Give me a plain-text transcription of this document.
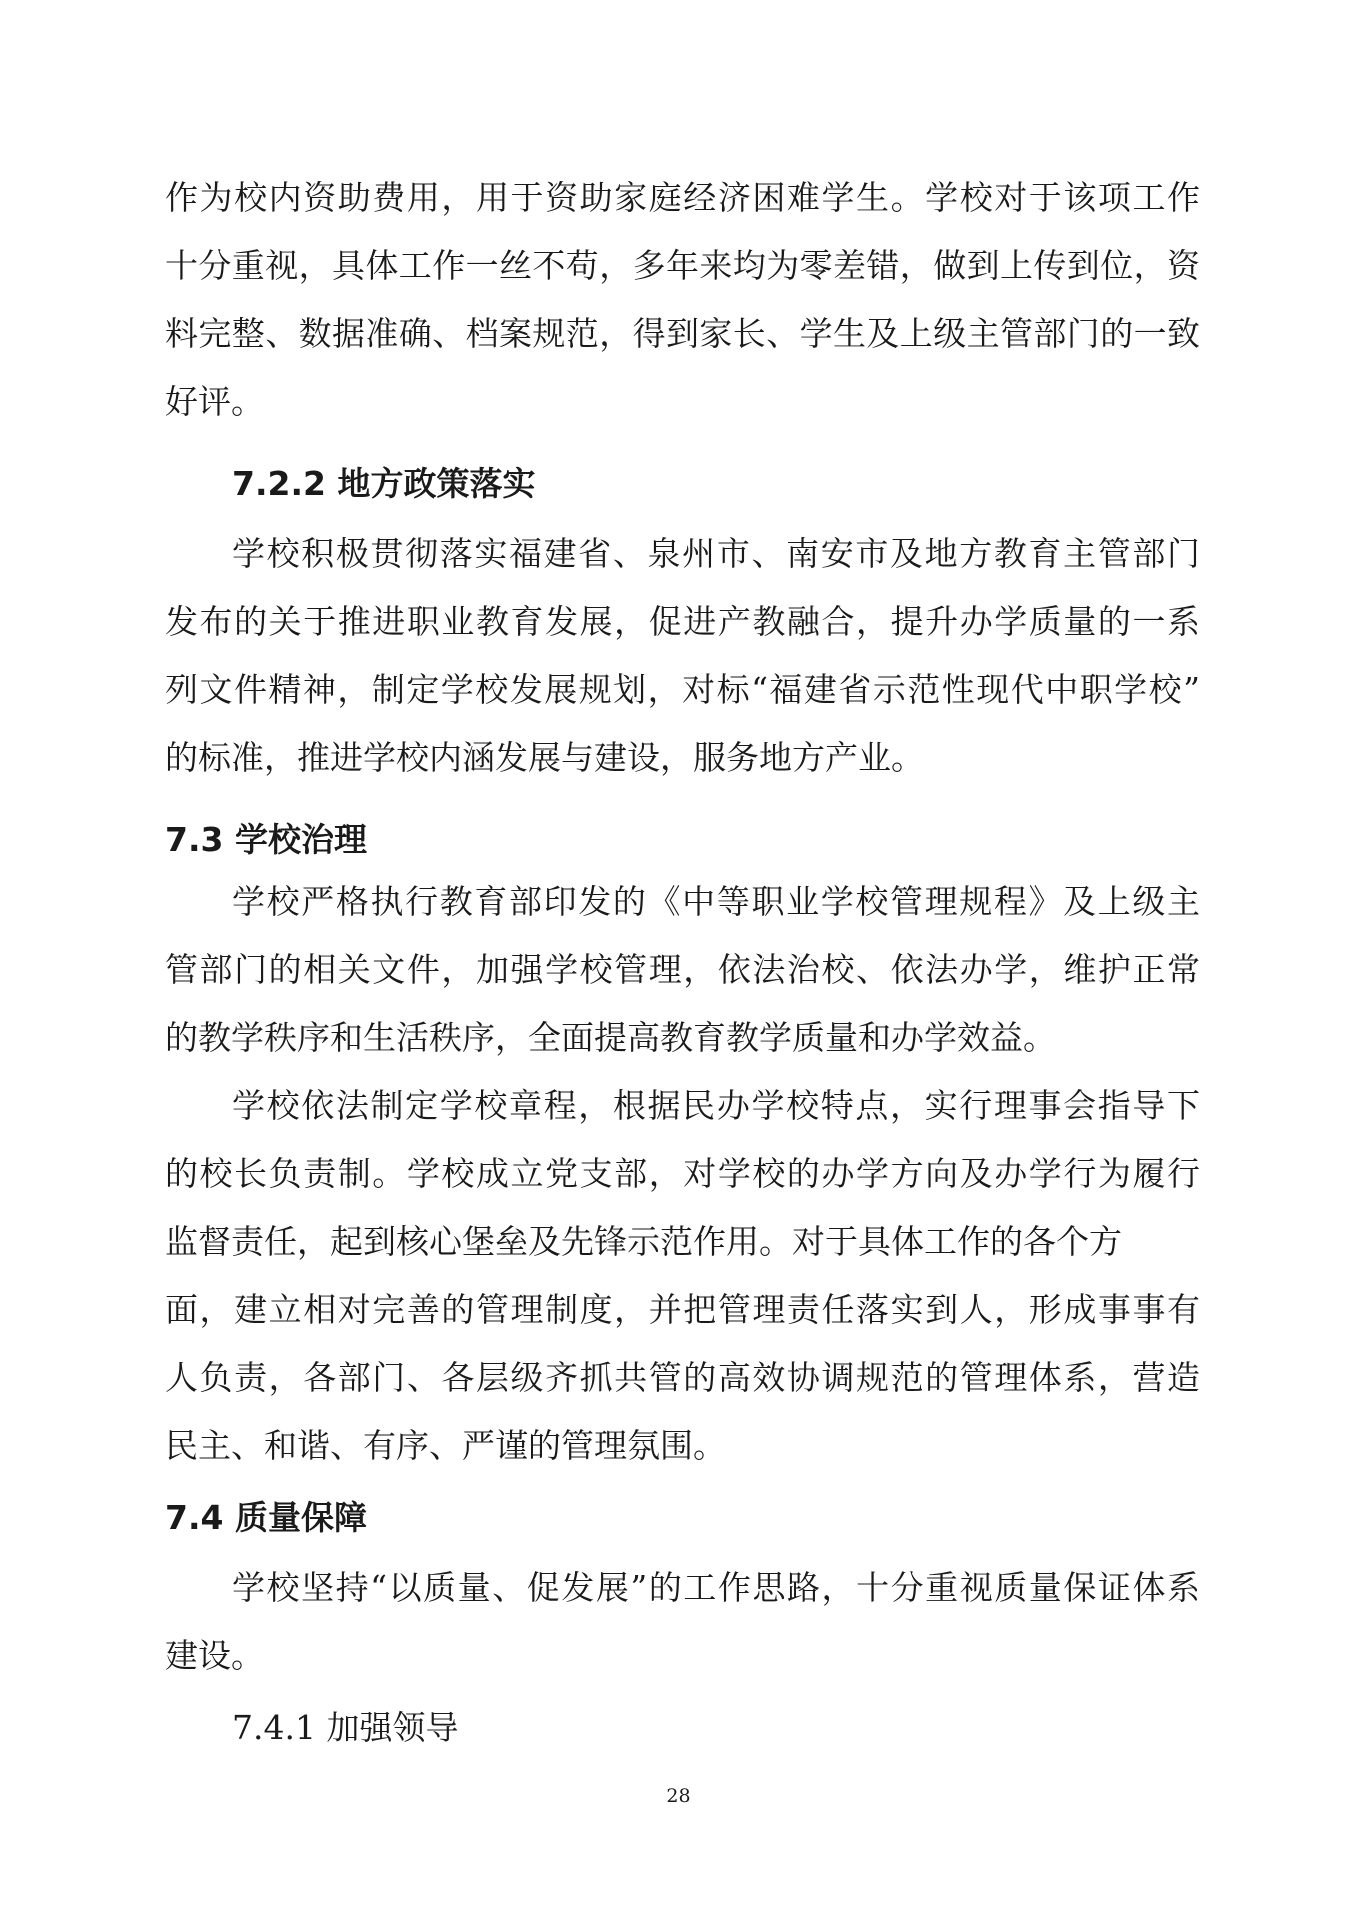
作为校内资助费用，用于资助家庭经济困难学生。学校对于该项工作
十分重视，具体工作一丝不苟，多年来均为零差错，做到上传到位，资
料完整、数据准确、档案规范，得到家长、学生及上级主管部门的一致
好评。
7.2.2 地方政策落实
学校积极贯彻落实福建省、泉州市、南安市及地方教育主管部门
发布的关于推进职业教育发展，促进产教融合，提升办学质量的一系
列文件精神，制定学校发展规划，对标“福建省示范性现代中职学校”
的标准，推进学校内涵发展与建设，服务地方产业。
7.3 学校治理
学校严格执行教育部印发的《中等职业学校管理规程》及上级主
管部门的相关文件，加强学校管理，依法治校、依法办学，维护正常
的教学秩序和生活秩序，全面提高教育教学质量和办学效益。
学校依法制定学校章程，根据民办学校特点，实行理事会指导下
的校长负责制。学校成立党支部，对学校的办学方向及办学行为履行
监督责任，起到核心堡垒及先锋示范作用。对于具体工作的各个方
面，建立相对完善的管理制度，并把管理责任落实到人，形成事事有
人负责，各部门、各层级齐抓共管的高效协调规范的管理体系，营造
民主、和谐、有序、严谨的管理氛围。
7.4 质量保障
学校坚持“以质量、促发展”的工作思路，十分重视质量保证体系
建设。
7.4.1 加强领导
28
